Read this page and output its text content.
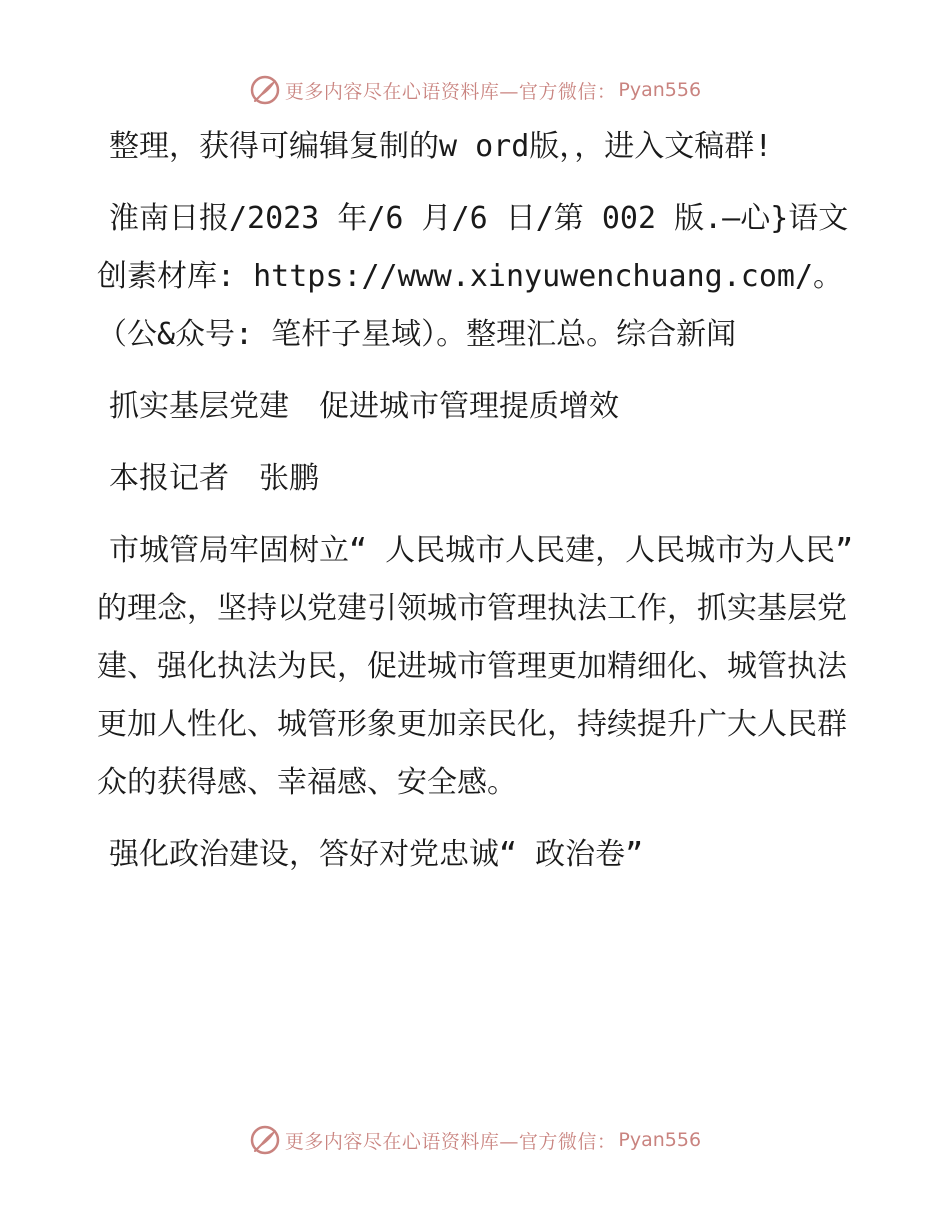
更多内容尽在心语资料库—官方微信： Pyan556

整理，获得可编辑复制的w ord版，，进入文稿群!

淮南日报/2023 年/6 月/6 日/第 002 版.—心}语文创素材库: https://www.xinyuwenchuang.com/。（公&众号: 笔杆子星域）。整理汇总。综合新闻

抓实基层党建　促进城市管理提质增效

本报记者　张鹏

市城管局牢固树立“ 人民城市人民建，人民城市为人民” 的理念，坚持以党建引领城市管理执法工作，抓实基层党建、强化执法为民，促进城市管理更加精细化、城管执法更加人性化、城管形象更加亲民化，持续提升广大人民群众的获得感、幸福感、安全感。

强化政治建设，答好对党忠诚“ 政治卷”

更多内容尽在心语资料库—官方微信： Pyan556
